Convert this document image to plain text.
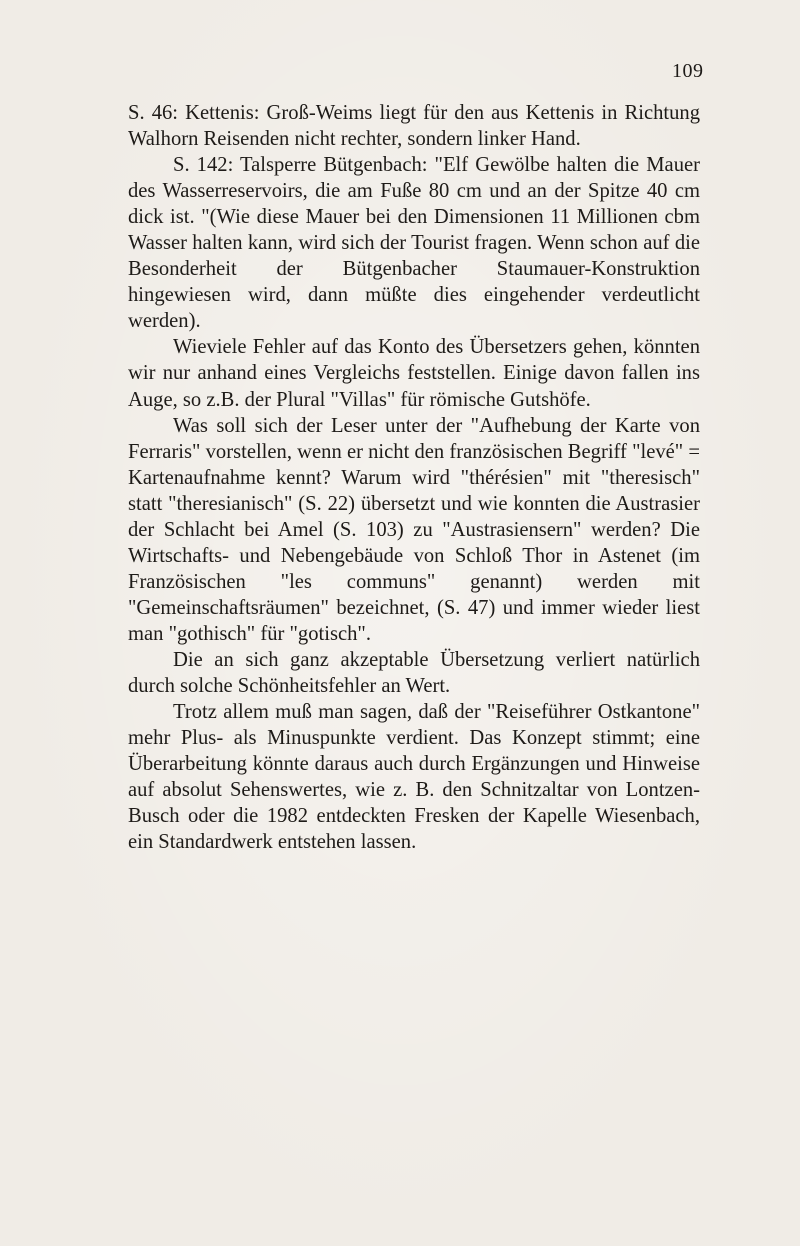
109

S. 46: Kettenis: Groß-Weims liegt für den aus Kettenis in Richtung Walhorn Reisenden nicht rechter, sondern linker Hand.

S. 142: Talsperre Bütgenbach: "Elf Gewölbe halten die Mauer des Wasserreservoirs, die am Fuße 80 cm und an der Spitze 40 cm dick ist. "(Wie diese Mauer bei den Dimensionen 11 Millionen cbm Wasser halten kann, wird sich der Tourist fragen. Wenn schon auf die Besonderheit der Bütgenbacher Staumauer-Konstruktion hingewiesen wird, dann müßte dies eingehender verdeutlicht werden).

Wieviele Fehler auf das Konto des Übersetzers gehen, könnten wir nur anhand eines Vergleichs feststellen. Einige davon fallen ins Auge, so z.B. der Plural "Villas" für römische Gutshöfe.

Was soll sich der Leser unter der "Aufhebung der Karte von Ferraris" vorstellen, wenn er nicht den französischen Begriff "levé" = Kartenaufnahme kennt? Warum wird "thérésien" mit "theresisch" statt "theresianisch" (S. 22) übersetzt und wie konnten die Austrasier der Schlacht bei Amel (S. 103) zu "Austrasiensern" werden? Die Wirtschafts- und Nebengebäude von Schloß Thor in Astenet (im Französischen "les communs" genannt) werden mit "Gemeinschaftsräumen" bezeichnet, (S. 47) und immer wieder liest man "gothisch" für "gotisch".

Die an sich ganz akzeptable Übersetzung verliert natürlich durch solche Schönheitsfehler an Wert.

Trotz allem muß man sagen, daß der "Reiseführer Ostkantone" mehr Plus- als Minuspunkte verdient. Das Konzept stimmt; eine Überarbeitung könnte daraus auch durch Ergänzungen und Hinweise auf absolut Sehenswertes, wie z. B. den Schnitzaltar von Lontzen-Busch oder die 1982 entdeckten Fresken der Kapelle Wiesenbach, ein Standardwerk entstehen lassen.
